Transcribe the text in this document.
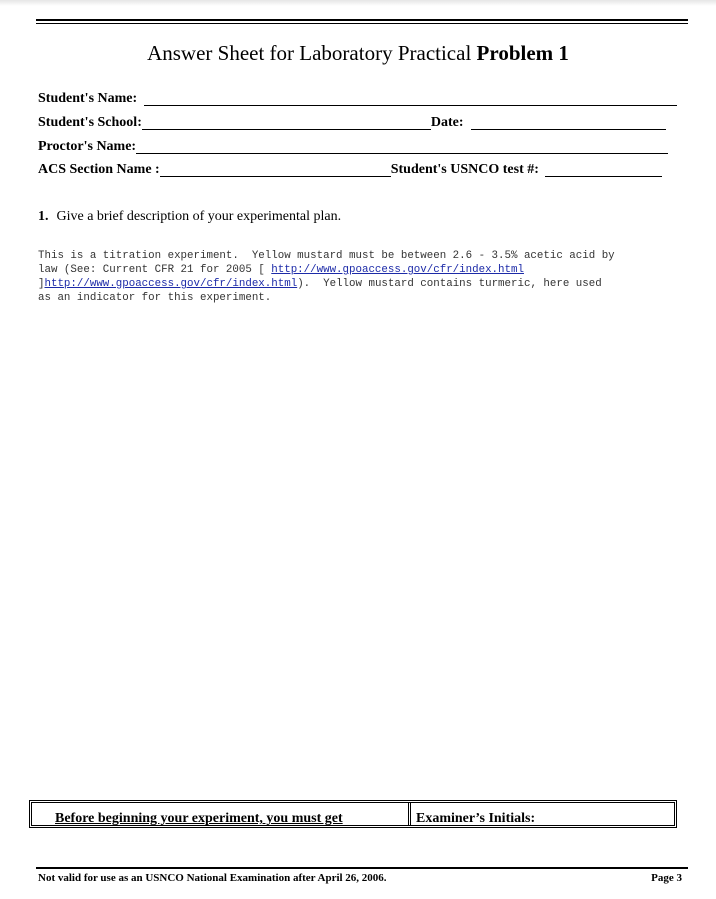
Answer Sheet for Laboratory Practical Problem 1
Student's Name:
Student's School:	Date:
Proctor's Name:
ACS Section Name :	Student's USNCO test #:
1. Give a brief description of your experimental plan.
This is a titration experiment.  Yellow mustard must be between 2.6 - 3.5% acetic acid by
law (See: Current CFR 21 for 2005 [ http://www.gpoaccess.gov/cfr/index.html
]http://www.gpoaccess.gov/cfr/index.html).  Yellow mustard contains turmeric, here used
as an indicator for this experiment.
Before beginning your experiment, you must get	Examiner’s Initials:
Not valid for use as an USNCO National Examination after April 26, 2006.	Page 3
